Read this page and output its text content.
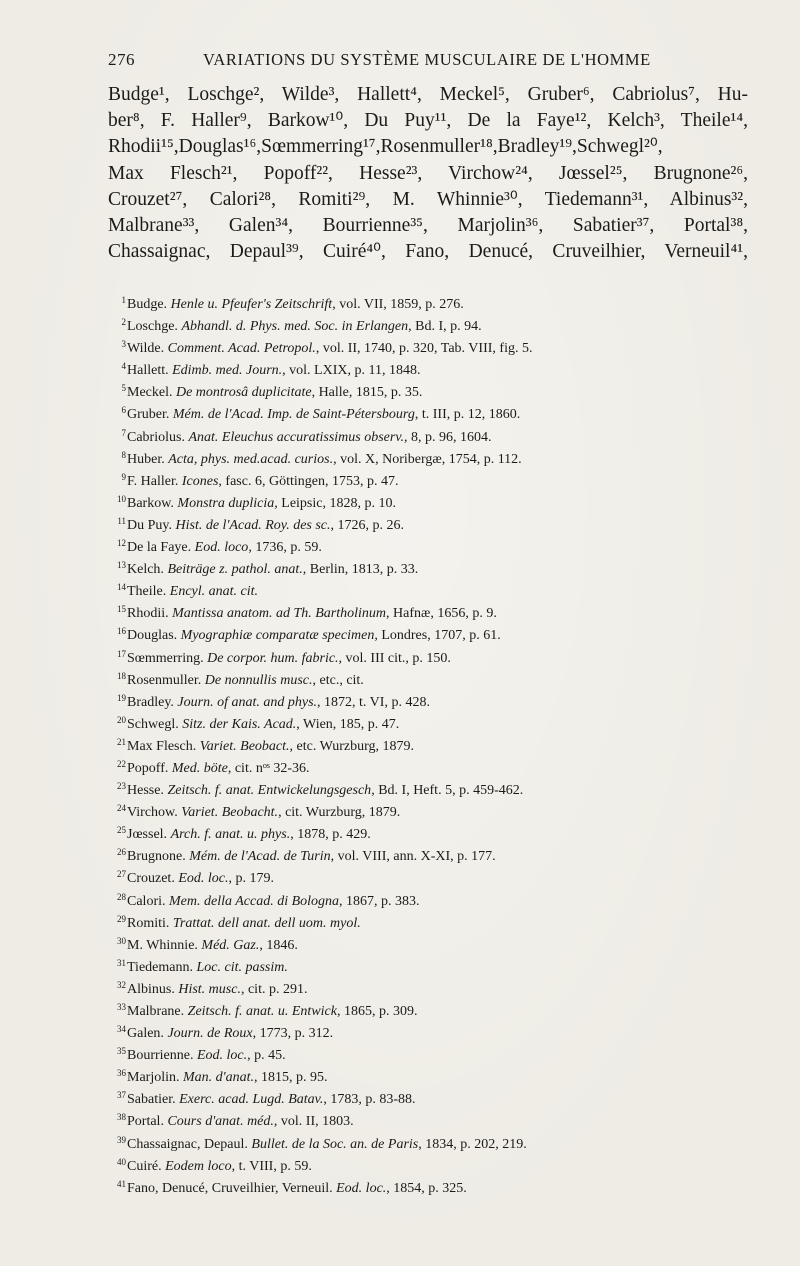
276	VARIATIONS DU SYSTÈME MUSCULAIRE DE L'HOMME
Budge¹, Loschge², Wilde³, Hallett⁴, Meckel⁵, Gruber⁶, Cabriolus⁷, Hu-
ber⁸, F. Haller⁹, Barkow¹⁰, Du Puy¹¹, De la Faye¹², Kelch³, Theile¹⁴,
Rhodii¹⁵,Douglas¹⁶,Sœmmerring¹⁷,Rosenmuller¹⁸,Bradley¹⁹,Schwegl²⁰,
Max Flesch²¹, Popoff²², Hesse²³, Virchow²⁴, Jœssel²⁵, Brugnone²⁶,
Crouzet²⁷, Calori²⁸, Romiti²⁹, M. Whinnie³⁰, Tiedemann³¹, Albinus³²,
Malbrane³³, Galen³⁴, Bourrienne³⁵, Marjolin³⁶, Sabatier³⁷, Portal³⁸,
Chassaignac, Depaul³⁹, Cuiré⁴⁰, Fano, Denucé, Cruveilhier, Verneuil⁴¹,
1Budge. Henle u. Pfeufer's Zeitschrift, vol. VII, 1859, p. 276.
2Loschge. Abhandl. d. Phys. med. Soc. in Erlangen, Bd. I, p. 94.
3Wilde. Comment. Acad. Petropol., vol. II, 1740, p. 320, Tab. VIII, fig. 5.
4Hallett. Edimb. med. Journ., vol. LXIX, p. 11, 1848.
5Meckel. De montrosâ duplicitate, Halle, 1815, p. 35.
6Gruber. Mém. de l'Acad. Imp. de Saint-Pétersbourg, t. III, p. 12, 1860.
7Cabriolus. Anat. Eleuchus accuratissimus observ., 8, p. 96, 1604.
8Huber. Acta, phys. med.acad. curios., vol. X, Noribergæ, 1754, p. 112.
9F. Haller. Icones, fasc. 6, Göttingen, 1753, p. 47.
10Barkow. Monstra duplicia, Leipsic, 1828, p. 10.
11Du Puy. Hist. de l'Acad. Roy. des sc., 1726, p. 26.
12De la Faye. Eod. loco, 1736, p. 59.
13Kelch. Beiträge z. pathol. anat., Berlin, 1813, p. 33.
14Theile. Encyl. anat. cit.
15Rhodii. Mantissa anatom. ad Th. Bartholinum, Hafnæ, 1656, p. 9.
16Douglas. Myographiæ comparatæ specimen, Londres, 1707, p. 61.
17Sœmmerring. De corpor. hum. fabric., vol. III cit., p. 150.
18Rosenmuller. De nonnullis musc., etc., cit.
19Bradley. Journ. of anat. and phys., 1872, t. VI, p. 428.
20Schwegl. Sitz. der Kais. Acad., Wien, 185, p. 47.
21Max Flesch. Variet. Beobact., etc. Wurzburg, 1879.
22Popoff. Med. böte, cit. nᵒˢ 32-36.
23Hesse. Zeitsch. f. anat. Entwickelungsgesch, Bd. I, Heft. 5, p. 459-462.
24Virchow. Variet. Beobacht., cit. Wurzburg, 1879.
25Jœssel. Arch. f. anat. u. phys., 1878, p. 429.
26Brugnone. Mém. de l'Acad. de Turin, vol. VIII, ann. X-XI, p. 177.
27Crouzet. Eod. loc., p. 179.
28Calori. Mem. della Accad. di Bologna, 1867, p. 383.
29Romiti. Trattat. dell anat. dell uom. myol.
30M. Whinnie. Méd. Gaz., 1846.
31Tiedemann. Loc. cit. passim.
32Albinus. Hist. musc., cit. p. 291.
33Malbrane. Zeitsch. f. anat. u. Entwick, 1865, p. 309.
34Galen. Journ. de Roux, 1773, p. 312.
35Bourrienne. Eod. loc., p. 45.
36Marjolin. Man. d'anat., 1815, p. 95.
37Sabatier. Exerc. acad. Lugd. Batav., 1783, p. 83-88.
38Portal. Cours d'anat. méd., vol. II, 1803.
39Chassaignac, Depaul. Bullet. de la Soc. an. de Paris, 1834, p. 202, 219.
40Cuiré. Eodem loco, t. VIII, p. 59.
41Fano, Denucé, Cruveilhier, Verneuil. Eod. loc., 1854, p. 325.
